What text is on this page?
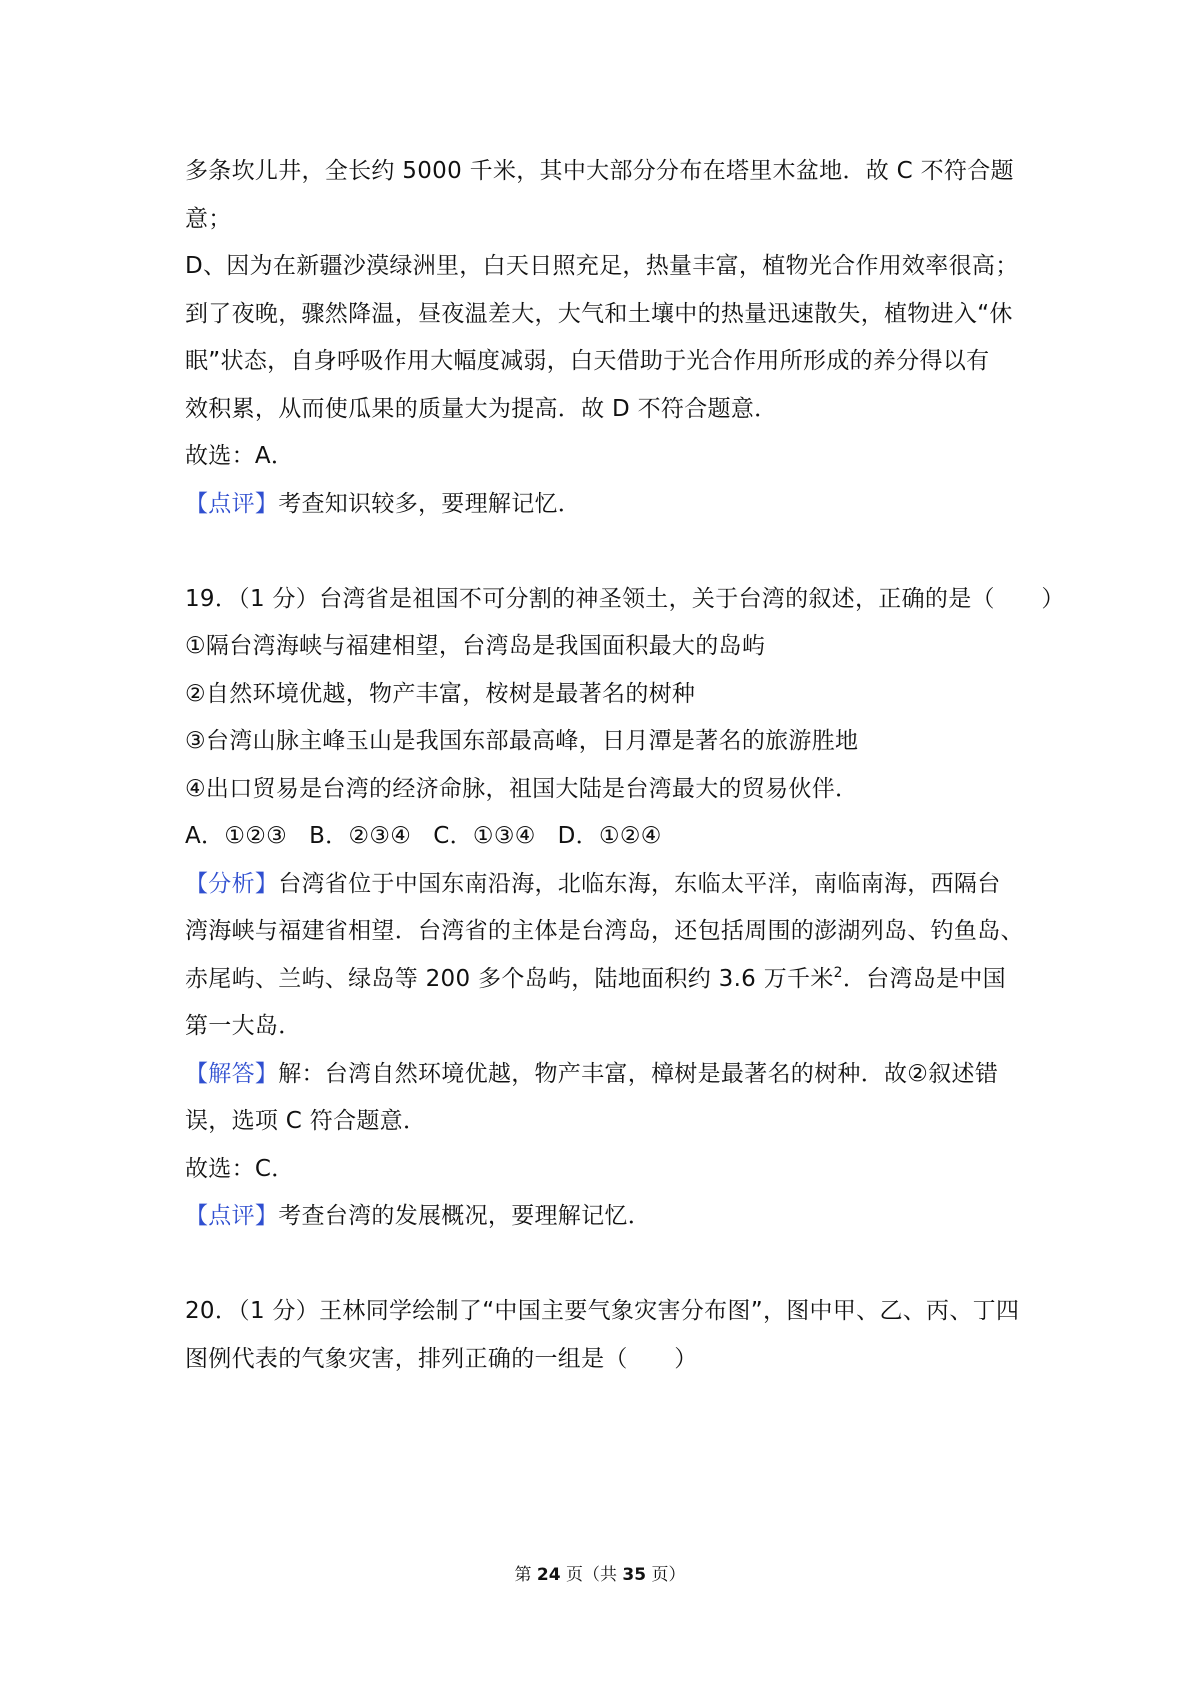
多条坎儿井，全长约 5000 千米，其中大部分分布在塔里木盆地．故 C 不符合题
意；
D、因为在新疆沙漠绿洲里，白天日照充足，热量丰富，植物光合作用效率很高；
到了夜晚，骤然降温，昼夜温差大，大气和土壤中的热量迅速散失，植物进入“休
眠”状态，自身呼吸作用大幅度减弱，白天借助于光合作用所形成的养分得以有
效积累，从而使瓜果的质量大为提高．故 D 不符合题意．
故选：A．
【点评】考查知识较多，要理解记忆．
19．（1 分）台湾省是祖国不可分割的神圣领土，关于台湾的叙述，正确的是（　　）
①隔台湾海峡与福建相望，台湾岛是我国面积最大的岛屿
②自然环境优越，物产丰富，桉树是最著名的树种
③台湾山脉主峰玉山是我国东部最高峰，日月潭是著名的旅游胜地
④出口贸易是台湾的经济命脉，祖国大陆是台湾最大的贸易伙伴．
A．①②③ B．②③④ C．①③④ D．①②④
【分析】台湾省位于中国东南沿海，北临东海，东临太平洋，南临南海，西隔台
湾海峡与福建省相望．台湾省的主体是台湾岛，还包括周围的澎湖列岛、钓鱼岛、
赤尾屿、兰屿、绿岛等 200 多个岛屿，陆地面积约 3.6 万千米$^2$．台湾岛是中国
第一大岛．
【解答】解：台湾自然环境优越，物产丰富，樟树是最著名的树种．故②叙述错
误，选项 C 符合题意．
故选：C．
【点评】考查台湾的发展概况，要理解记忆．
20．（1 分）王林同学绘制了“中国主要气象灾害分布图”，图中甲、乙、丙、丁四
图例代表的气象灾害，排列正确的一组是（　　）
第 24 页（共 35 页）
